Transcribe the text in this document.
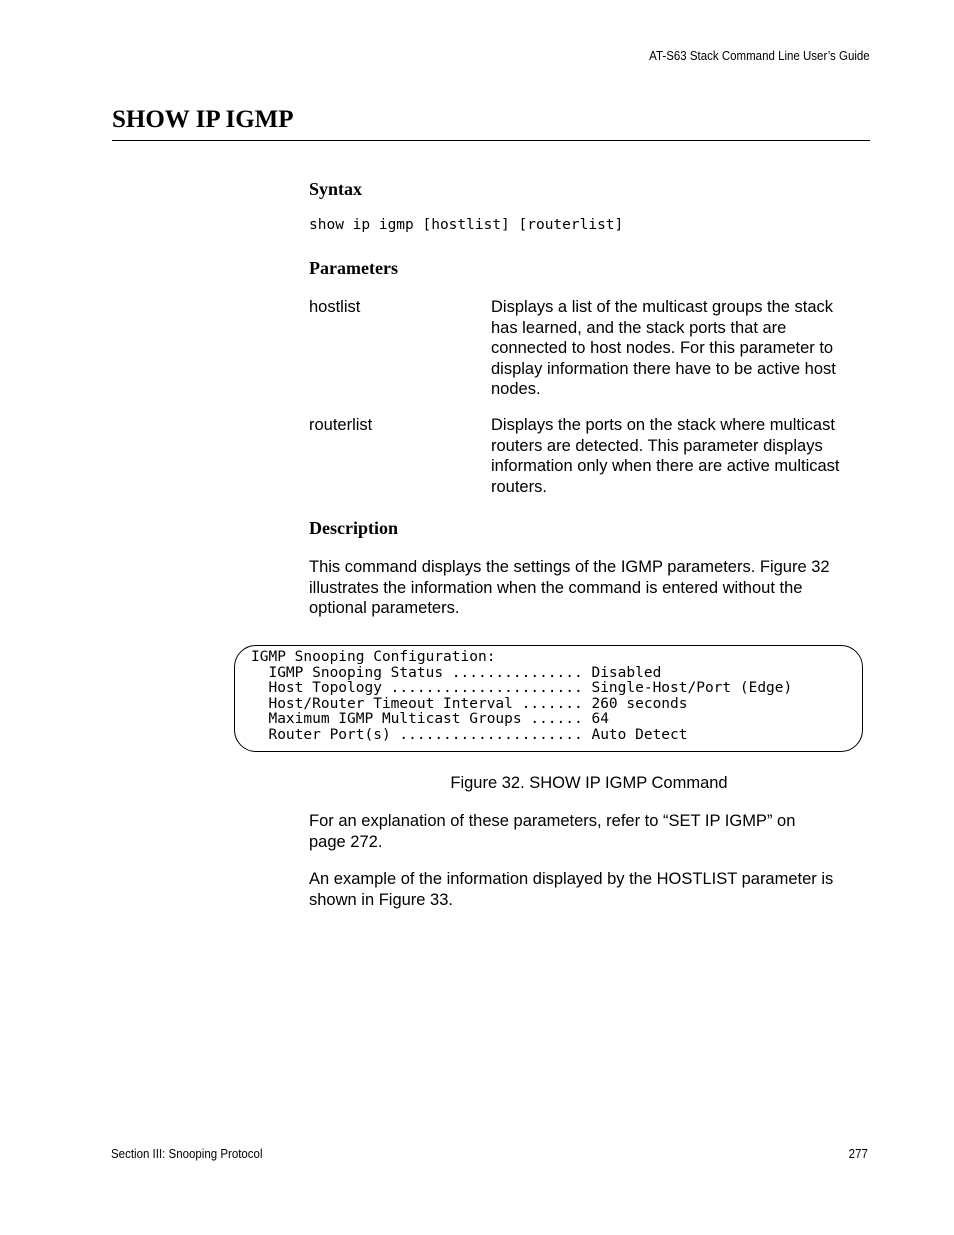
AT-S63 Stack Command Line User’s Guide
SHOW IP IGMP
Syntax
show ip igmp [hostlist] [routerlist]
Parameters
hostlist	Displays a list of the multicast groups the stack has learned, and the stack ports that are connected to host nodes. For this parameter to display information there have to be active host nodes.
routerlist	Displays the ports on the stack where multicast routers are detected. This parameter displays information only when there are active multicast routers.
Description
This command displays the settings of the IGMP parameters. Figure 32 illustrates the information when the command is entered without the optional parameters.
IGMP Snooping Configuration:
IGMP Snooping Status ............... Disabled
Host Topology ...................... Single-Host/Port (Edge)
Host/Router Timeout Interval ....... 260 seconds
Maximum IGMP Multicast Groups ...... 64
Router Port(s) ..................... Auto Detect
Figure 32. SHOW IP IGMP Command
For an explanation of these parameters, refer to “SET IP IGMP” on page 272.
An example of the information displayed by the HOSTLIST parameter is shown in Figure 33.
Section III: Snooping Protocol	277
